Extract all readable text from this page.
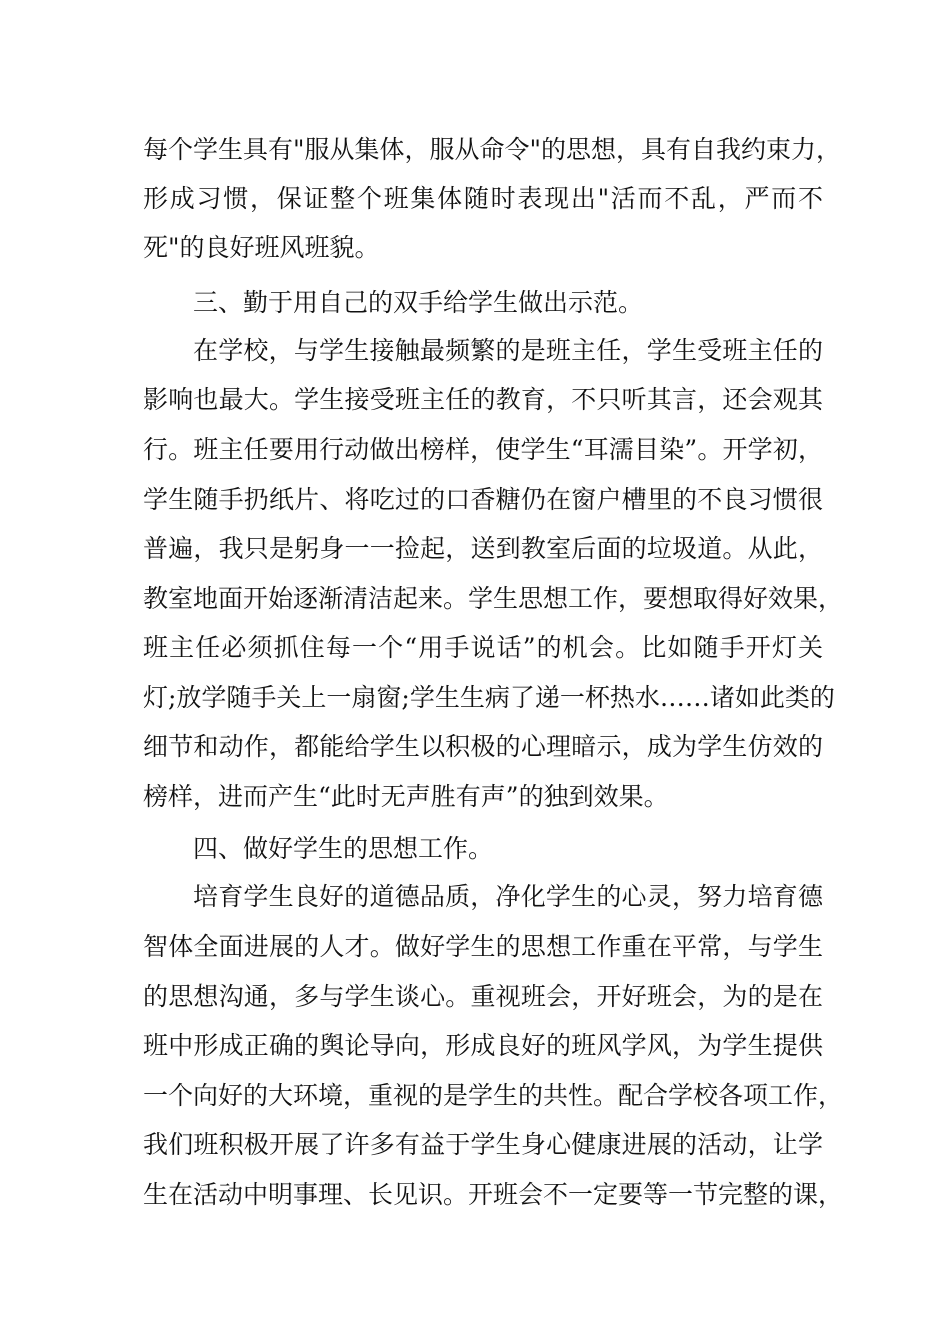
每个学生具有"服从集体，服从命令"的思想，具有自我约束力，
形成习惯，保证整个班集体随时表现出"活而不乱，严而不
死"的良好班风班貌。
三、勤于用自己的双手给学生做出示范。
在学校，与学生接触最频繁的是班主任，学生受班主任的
影响也最大。学生接受班主任的教育，不只听其言，还会观其
行。班主任要用行动做出榜样，使学生“耳濡目染”。开学初，
学生随手扔纸片、将吃过的口香糖仍在窗户槽里的不良习惯很
普遍，我只是躬身一一捡起，送到教室后面的垃圾道。从此，
教室地面开始逐渐清洁起来。学生思想工作，要想取得好效果，
班主任必须抓住每一个“用手说话”的机会。比如随手开灯关
灯;放学随手关上一扇窗;学生生病了递一杯热水……诸如此类的
细节和动作，都能给学生以积极的心理暗示，成为学生仿效的
榜样，进而产生“此时无声胜有声”的独到效果。
四、做好学生的思想工作。
培育学生良好的道德品质，净化学生的心灵，努力培育德
智体全面进展的人才。做好学生的思想工作重在平常，与学生
的思想沟通，多与学生谈心。重视班会，开好班会，为的是在
班中形成正确的舆论导向，形成良好的班风学风，为学生提供
一个向好的大环境，重视的是学生的共性。配合学校各项工作，
我们班积极开展了许多有益于学生身心健康进展的活动，让学
生在活动中明事理、长见识。开班会不一定要等一节完整的课，
